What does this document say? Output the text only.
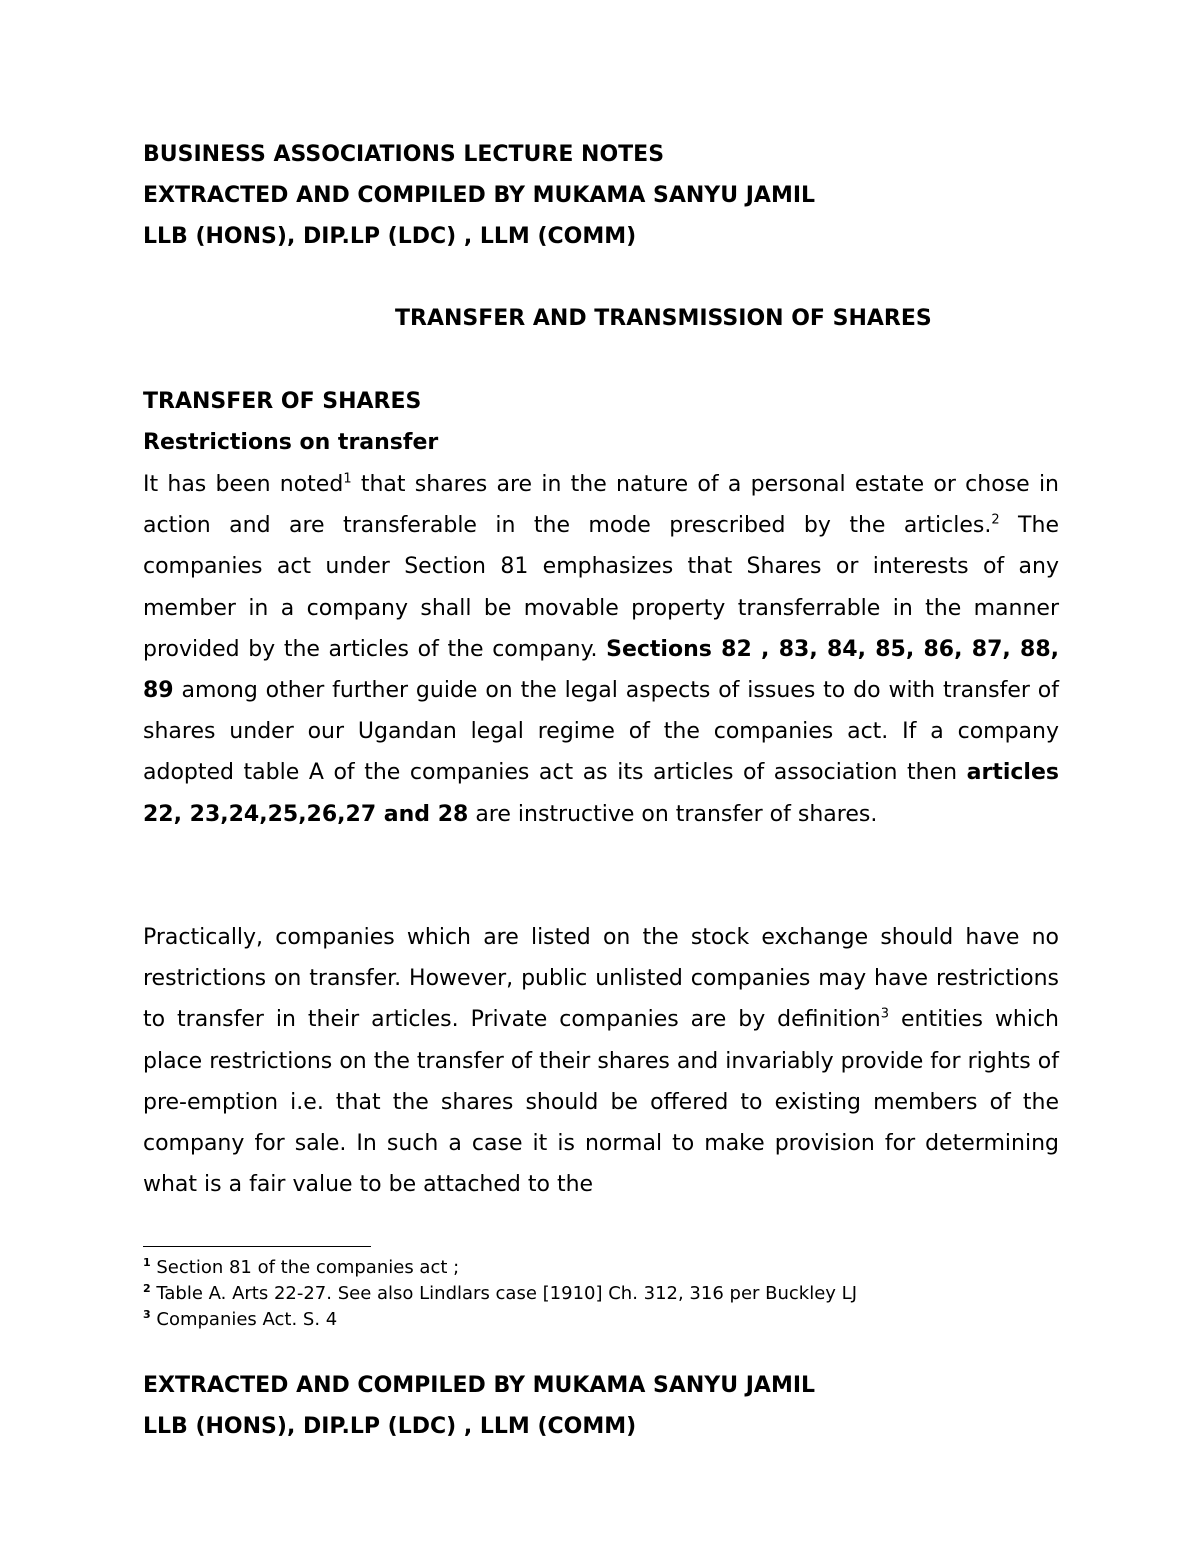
BUSINESS ASSOCIATIONS LECTURE NOTES
EXTRACTED AND COMPILED BY MUKAMA SANYU JAMIL
LLB (HONS), DIP.LP (LDC) , LLM (COMM)
TRANSFER AND TRANSMISSION OF SHARES
TRANSFER OF SHARES
Restrictions on transfer
It has been noted$^1$ that shares are in the nature of a personal estate or chose in action and are transferable in the mode prescribed by the articles.$^2$ The companies act under Section 81 emphasizes that Shares or interests of any member in a company shall be movable property transferrable in the manner provided by the articles of the company. Sections 82 , 83, 84, 85, 86, 87, 88, 89 among other further guide on the legal aspects of issues to do with transfer of shares under our Ugandan legal regime of the companies act. If a company adopted table A of the companies act as its articles of association then articles 22, 23,24,25,26,27 and 28 are instructive on transfer of shares.
Practically, companies which are listed on the stock exchange should have no restrictions on transfer. However, public unlisted companies may have restrictions to transfer in their articles. Private companies are by definition$^3$ entities which place restrictions on the transfer of their shares and invariably provide for rights of pre-emption i.e. that the shares should be offered to existing members of the company for sale. In such a case it is normal to make provision for determining what is a fair value to be attached to the
$^1$ Section 81 of the companies act ;
$^2$ Table A. Arts 22-27. See also Lindlars case [1910] Ch. 312, 316 per Buckley LJ
$^3$ Companies Act. S. 4
EXTRACTED AND COMPILED BY MUKAMA SANYU JAMIL
LLB (HONS), DIP.LP (LDC) , LLM (COMM)
